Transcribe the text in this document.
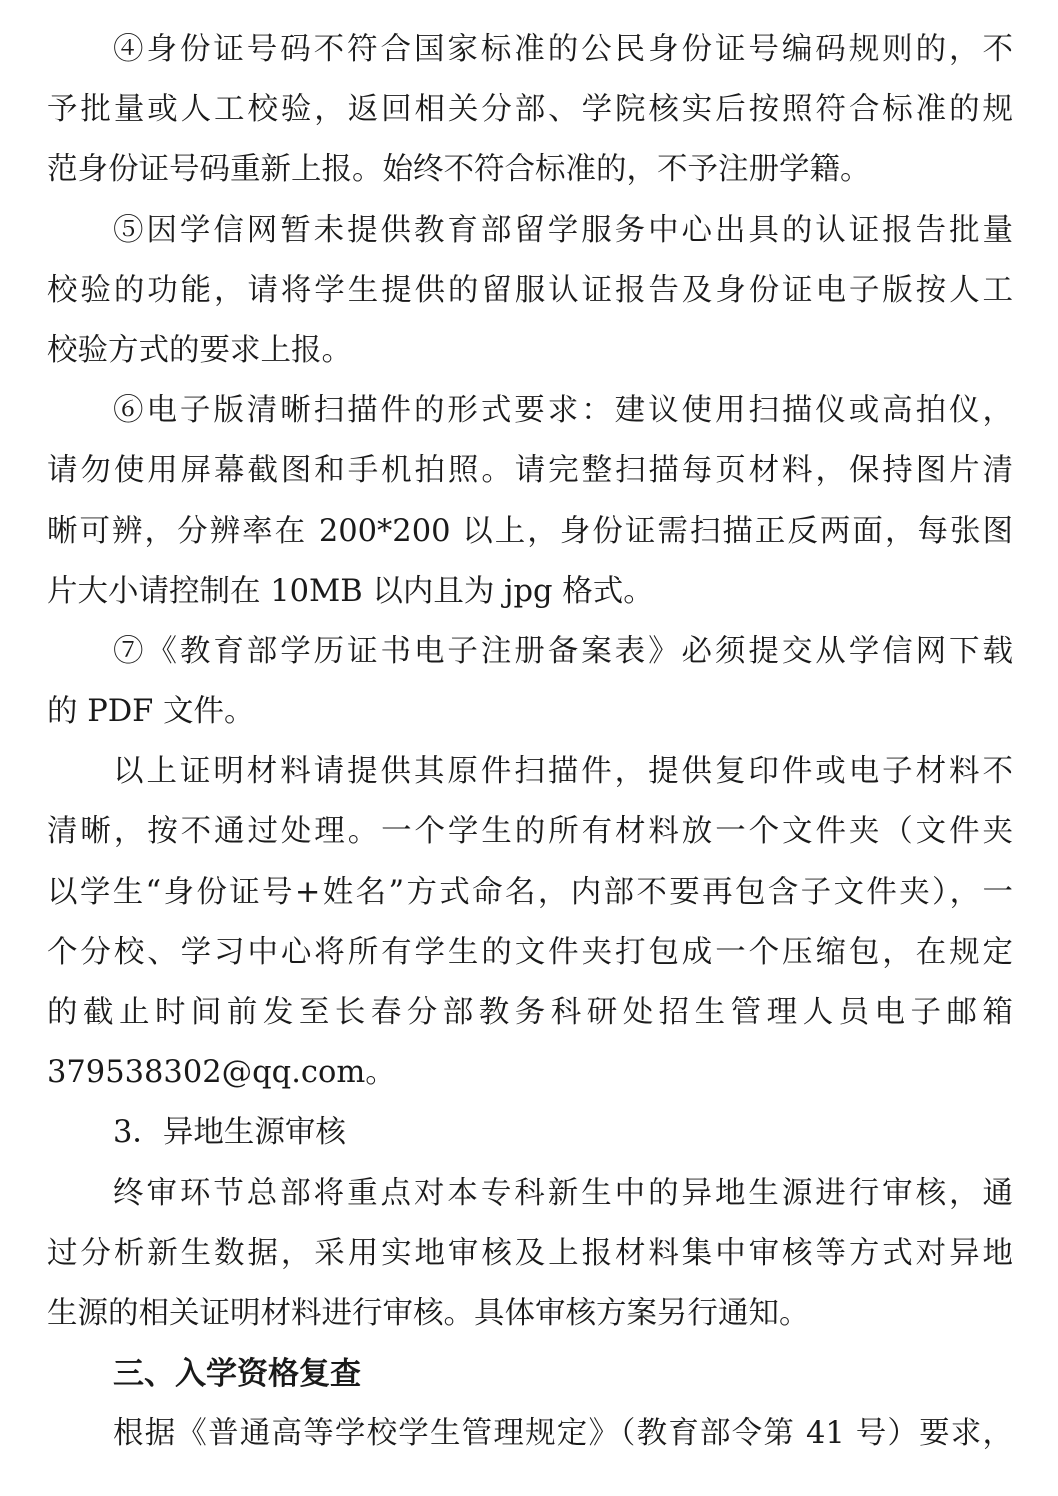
④身份证号码不符合国家标准的公民身份证号编码规则的，不
予批量或人工校验，返回相关分部、学院核实后按照符合标准的规
范身份证号码重新上报。始终不符合标准的，不予注册学籍。
⑤因学信网暂未提供教育部留学服务中心出具的认证报告批量
校验的功能，请将学生提供的留服认证报告及身份证电子版按人工
校验方式的要求上报。
⑥电子版清晰扫描件的形式要求：建议使用扫描仪或高拍仪，
请勿使用屏幕截图和手机拍照。请完整扫描每页材料，保持图片清
晰可辨，分辨率在 200*200 以上，身份证需扫描正反两面，每张图
片大小请控制在 10MB 以内且为 jpg 格式。
⑦《教育部学历证书电子注册备案表》必须提交从学信网下载
的 PDF 文件。
以上证明材料请提供其原件扫描件，提供复印件或电子材料不
清晰，按不通过处理。一个学生的所有材料放一个文件夹（文件夹
以学生“身份证号+姓名”方式命名，内部不要再包含子文件夹），一
个分校、学习中心将所有学生的文件夹打包成一个压缩包，在规定
的截止时间前发至长春分部教务科研处招生管理人员电子邮箱
379538302@qq.com。
3．异地生源审核
终审环节总部将重点对本专科新生中的异地生源进行审核，通
过分析新生数据，采用实地审核及上报材料集中审核等方式对异地
生源的相关证明材料进行审核。具体审核方案另行通知。
三、入学资格复查
根据《普通高等学校学生管理规定》（教育部令第 41 号）要求，
